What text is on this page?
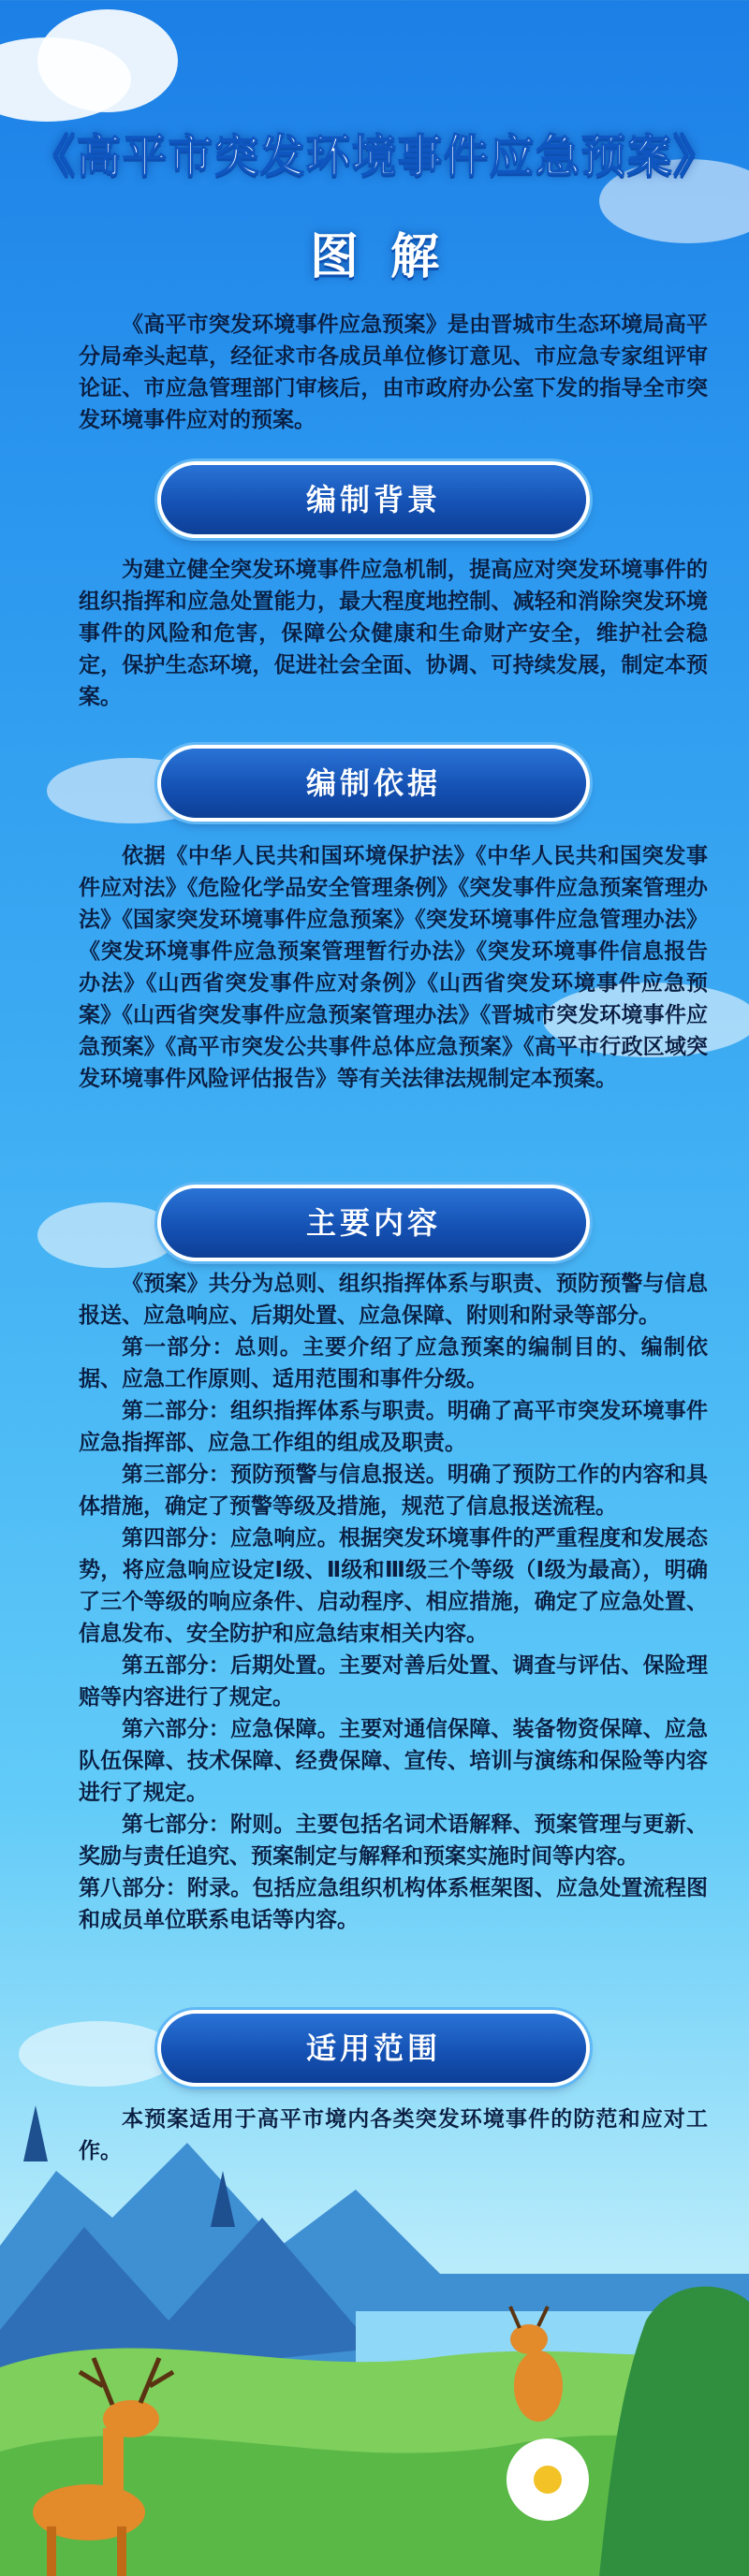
《高平市突发环境事件应急预案》
图解

《高平市突发环境事件应急预案》是由晋城市生态环境局高平分局牵头起草，经征求市各成员单位修订意见、市应急专家组评审论证、市应急管理部门审核后，由市政府办公室下发的指导全市突发环境事件应对的预案。

编制背景

为建立健全突发环境事件应急机制，提高应对突发环境事件的组织指挥和应急处置能力，最大程度地控制、减轻和消除突发环境事件的风险和危害，保障公众健康和生命财产安全，维护社会稳定，保护生态环境，促进社会全面、协调、可持续发展，制定本预案。

编制依据

依据《中华人民共和国环境保护法》《中华人民共和国突发事件应对法》《危险化学品安全管理条例》《突发事件应急预案管理办法》《国家突发环境事件应急预案》《突发环境事件应急管理办法》《突发环境事件应急预案管理暂行办法》《突发环境事件信息报告办法》《山西省突发事件应对条例》《山西省突发环境事件应急预案》《山西省突发事件应急预案管理办法》《晋城市突发环境事件应急预案》《高平市突发公共事件总体应急预案》《高平市行政区域突发环境事件风险评估报告》等有关法律法规制定本预案。

主要内容

《预案》共分为总则、组织指挥体系与职责、预防预警与信息报送、应急响应、后期处置、应急保障、附则和附录等部分。

第一部分：总则。主要介绍了应急预案的编制目的、编制依据、应急工作原则、适用范围和事件分级。

第二部分：组织指挥体系与职责。明确了高平市突发环境事件应急指挥部、应急工作组的组成及职责。

第三部分：预防预警与信息报送。明确了预防工作的内容和具体措施，确定了预警等级及措施，规范了信息报送流程。

第四部分：应急响应。根据突发环境事件的严重程度和发展态势，将应急响应设定Ⅰ级、Ⅱ级和Ⅲ级三个等级（Ⅰ级为最高），明确了三个等级的响应条件、启动程序、相应措施，确定了应急处置、信息发布、安全防护和应急结束相关内容。

第五部分：后期处置。主要对善后处置、调查与评估、保险理赔等内容进行了规定。

第六部分：应急保障。主要对通信保障、装备物资保障、应急队伍保障、技术保障、经费保障、宣传、培训与演练和保险等内容进行了规定。

第七部分：附则。主要包括名词术语解释、预案管理与更新、奖励与责任追究、预案制定与解释和预案实施时间等内容。

第八部分：附录。包括应急组织机构体系框架图、应急处置流程图　和成员单位联系电话等内容。

适用范围

本预案适用于高平市境内各类突发环境事件的防范和应对工作。
